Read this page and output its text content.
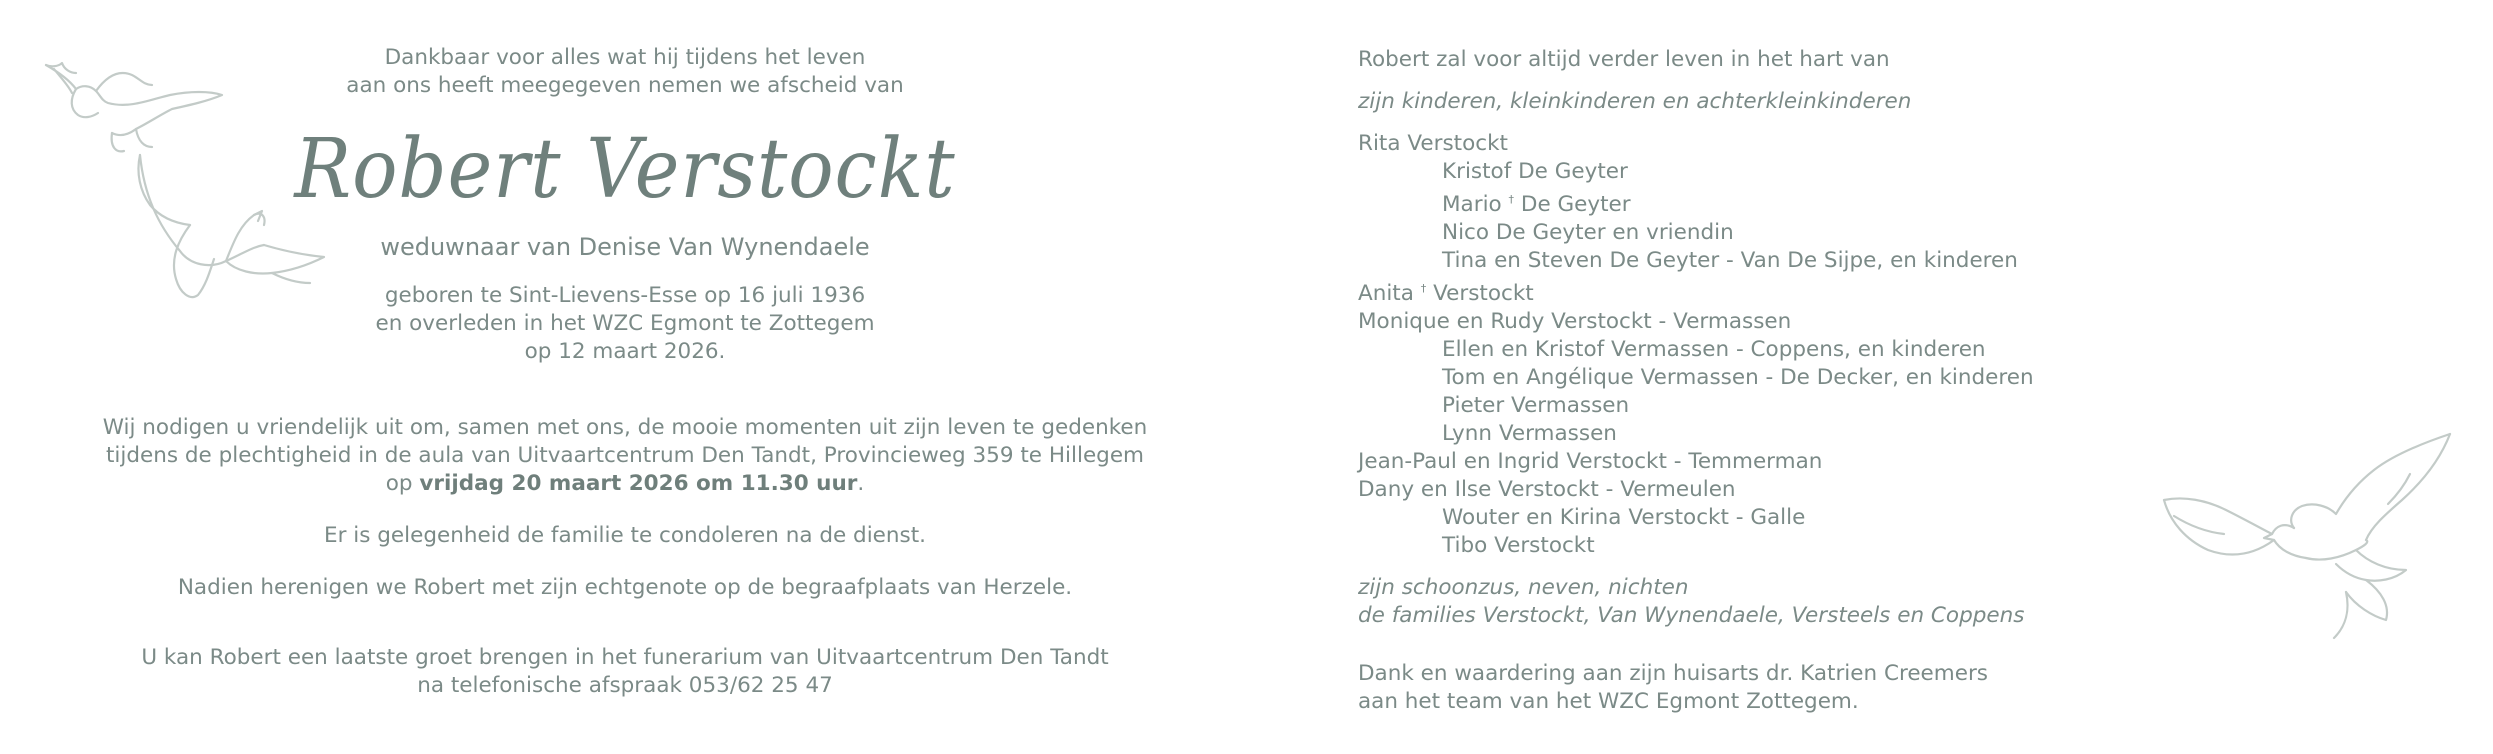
Dankbaar voor alles wat hij tijdens het leven

aan ons heeft meegegeven nemen we afscheid van

Robert Verstockt

weduwnaar van Denise Van Wynendaele

geboren te Sint-Lievens-Esse op 16 juli 1936

en overleden in het WZC Egmont te Zottegem

op 12 maart 2026.

Wij nodigen u vriendelijk uit om, samen met ons, de mooie momenten uit zijn leven te gedenken

tijdens de plechtigheid in de aula van Uitvaartcentrum Den Tandt, Provincieweg 359 te Hillegem

op vrijdag 20 maart 2026 om 11.30 uur.

Er is gelegenheid de familie te condoleren na de dienst.

Nadien herenigen we Robert met zijn echtgenote op de begraafplaats van Herzele.

U kan Robert een laatste groet brengen in het funerarium van Uitvaartcentrum Den Tandt

na telefonische afspraak 053/62 25 47

Robert zal voor altijd verder leven in het hart van

zijn kinderen, kleinkinderen en achterkleinkinderen

Rita Verstockt

Kristof De Geyter

Mario † De Geyter

Nico De Geyter en vriendin

Tina en Steven De Geyter - Van De Sijpe, en kinderen

Anita † Verstockt

Monique en Rudy Verstockt - Vermassen

Ellen en Kristof Vermassen - Coppens, en kinderen

Tom en Angélique Vermassen - De Decker, en kinderen

Pieter Vermassen

Lynn Vermassen

Jean-Paul en Ingrid Verstockt - Temmerman

Dany en Ilse Verstockt - Vermeulen

Wouter en Kirina Verstockt - Galle

Tibo Verstockt

zijn schoonzus, neven, nichten

de families Verstockt, Van Wynendaele, Versteels en Coppens

Dank en waardering aan zijn huisarts dr. Katrien Creemers

aan het team van het WZC Egmont Zottegem.
